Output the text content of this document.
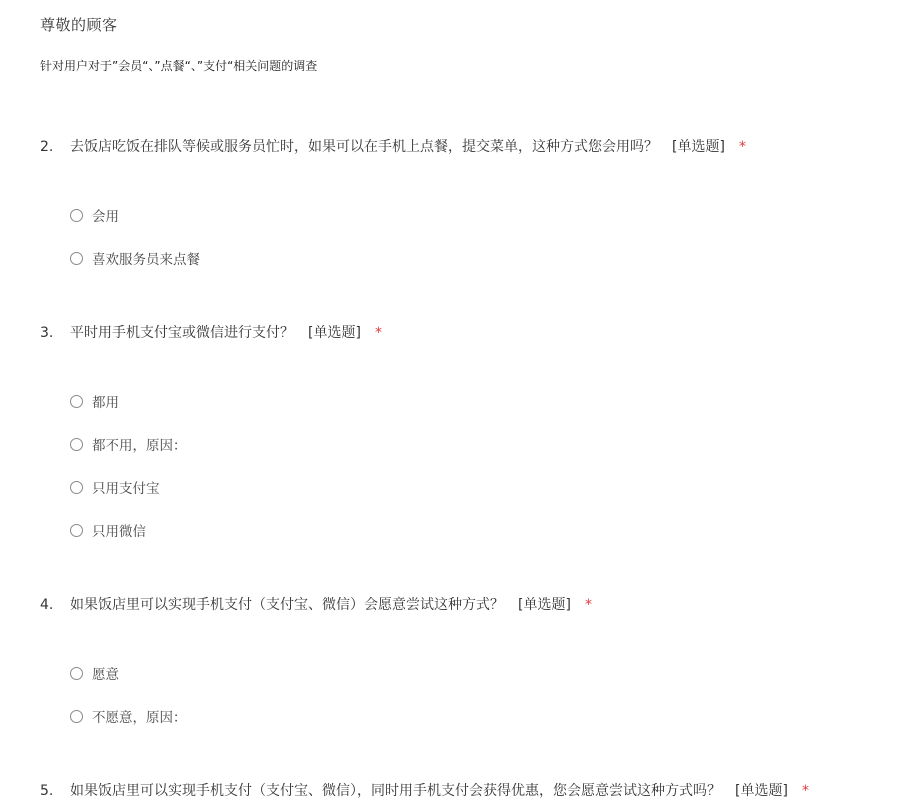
尊敬的顾客
针对用户对于”会员“、”点餐“、”支付“相关问题的调查
2. 去饭店吃饭在排队等候或服务员忙时，如果可以在手机上点餐，提交菜单，这种方式您会用吗？ [单选题] *
会用
喜欢服务员来点餐
3. 平时用手机支付宝或微信进行支付？ [单选题] *
都用
都不用，原因：
只用支付宝
只用微信
4. 如果饭店里可以实现手机支付（支付宝、微信）会愿意尝试这种方式？ [单选题] *
愿意
不愿意，原因：
5. 如果饭店里可以实现手机支付（支付宝、微信），同时用手机支付会获得优惠，您会愿意尝试这种方式吗？ [单选题] *
